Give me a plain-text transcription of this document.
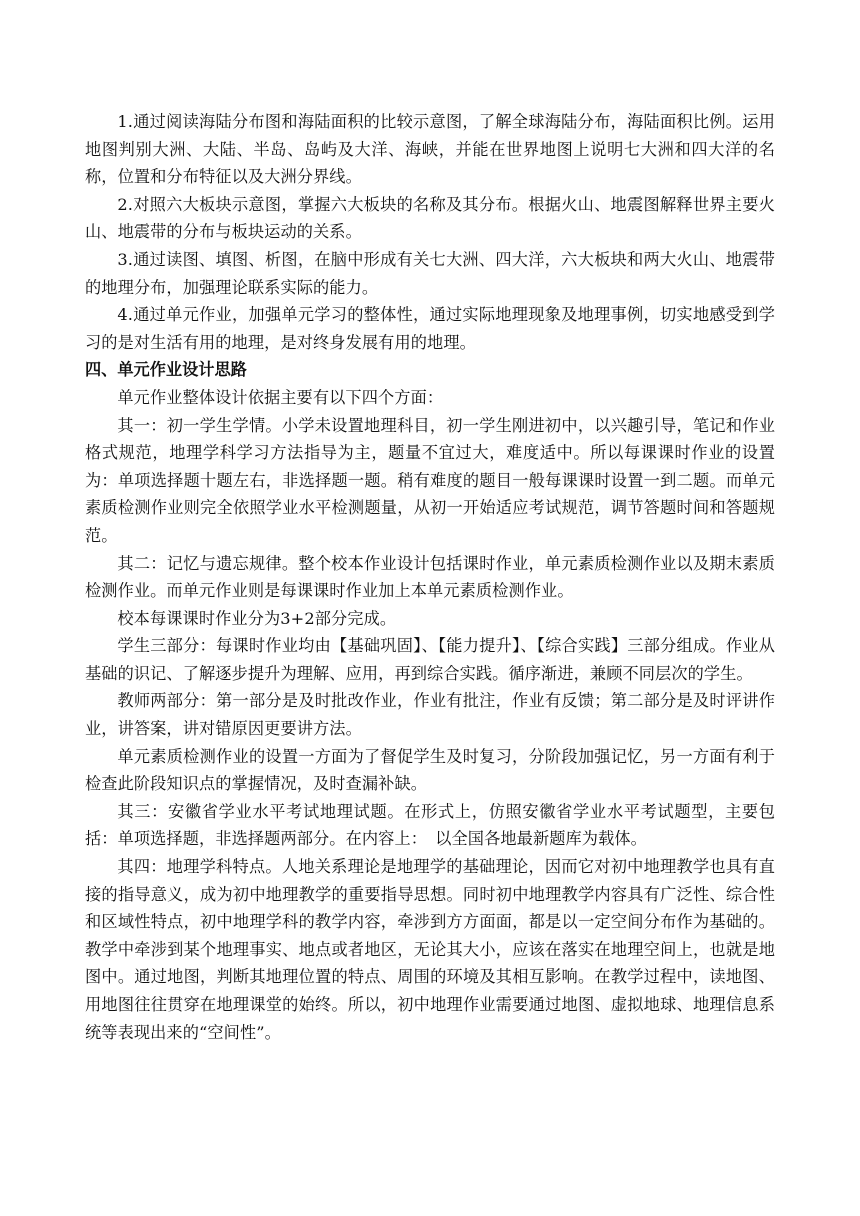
1.通过阅读海陆分布图和海陆面积的比较示意图，了解全球海陆分布，海陆面积比例。运用地图判别大洲、大陆、半岛、岛屿及大洋、海峡，并能在世界地图上说明七大洲和四大洋的名称，位置和分布特征以及大洲分界线。

2.对照六大板块示意图，掌握六大板块的名称及其分布。根据火山、地震图解释世界主要火山、地震带的分布与板块运动的关系。

3.通过读图、填图、析图，在脑中形成有关七大洲、四大洋，六大板块和两大火山、地震带的地理分布，加强理论联系实际的能力。

4.通过单元作业，加强单元学习的整体性，通过实际地理现象及地理事例，切实地感受到学习的是对生活有用的地理，是对终身发展有用的地理。

四、单元作业设计思路

单元作业整体设计依据主要有以下四个方面：

其一：初一学生学情。小学未设置地理科目，初一学生刚进初中，以兴趣引导，笔记和作业格式规范，地理学科学习方法指导为主，题量不宜过大，难度适中。所以每课课时作业的设置为：单项选择题十题左右，非选择题一题。稍有难度的题目一般每课课时设置一到二题。而单元素质检测作业则完全依照学业水平检测题量，从初一开始适应考试规范，调节答题时间和答题规范。

其二：记忆与遗忘规律。整个校本作业设计包括课时作业，单元素质检测作业以及期末素质检测作业。而单元作业则是每课课时作业加上本单元素质检测作业。

校本每课课时作业分为3+2部分完成。

学生三部分：每课时作业均由【基础巩固】、【能力提升】、【综合实践】三部分组成。作业从基础的识记、了解逐步提升为理解、应用，再到综合实践。循序渐进，兼顾不同层次的学生。

教师两部分：第一部分是及时批改作业，作业有批注，作业有反馈；第二部分是及时评讲作业，讲答案，讲对错原因更要讲方法。

单元素质检测作业的设置一方面为了督促学生及时复习，分阶段加强记忆，另一方面有利于检查此阶段知识点的掌握情况，及时查漏补缺。

其三：安徽省学业水平考试地理试题。在形式上，仿照安徽省学业水平考试题型，主要包括：单项选择题，非选择题两部分。在内容上：　以全国各地最新题库为载体。

其四：地理学科特点。人地关系理论是地理学的基础理论，因而它对初中地理教学也具有直接的指导意义，成为初中地理教学的重要指导思想。同时初中地理教学内容具有广泛性、综合性和区域性特点，初中地理学科的教学内容，牵涉到方方面面，都是以一定空间分布作为基础的。教学中牵涉到某个地理事实、地点或者地区，无论其大小，应该在落实在地理空间上，也就是地图中。通过地图，判断其地理位置的特点、周围的环境及其相互影响。在教学过程中，读地图、用地图往往贯穿在地理课堂的始终。所以，初中地理作业需要通过地图、虚拟地球、地理信息系统等表现出来的“空间性”。
